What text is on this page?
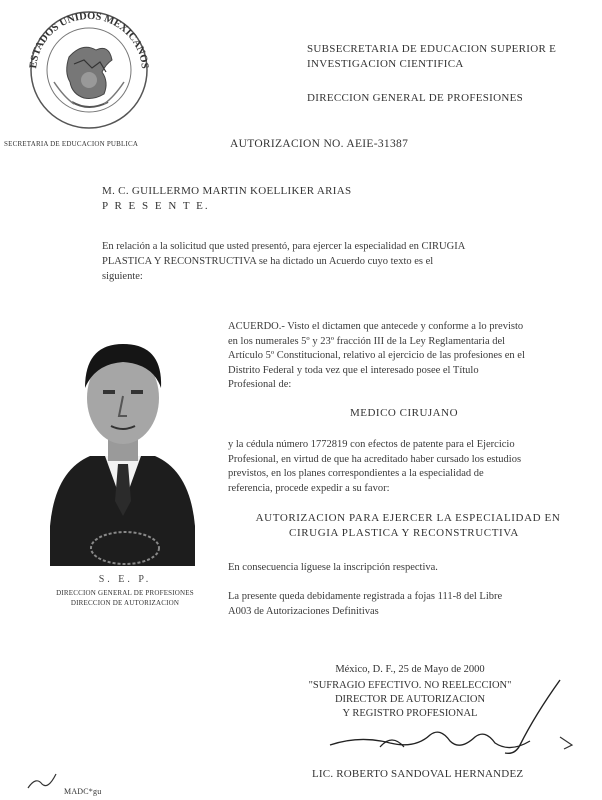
ESTADOS UNIDOS MEXICANOS
SECRETARIA DE EDUCACION PUBLICA
SUBSECRETARIA DE EDUCACION SUPERIOR E
INVESTIGACION CIENTIFICA
DIRECCION GENERAL DE PROFESIONES
AUTORIZACION NO. AEIE-31387
M. C. GUILLERMO MARTIN KOELLIKER ARIAS
P R E S E N T E.
En relación a la solicitud que usted presentó, para ejercer la especialidad en CIRUGIA
PLASTICA Y RECONSTRUCTIVA se ha dictado un Acuerdo cuyo texto es el
siguiente:
S. E. P.
DIRECCION GENERAL DE PROFESIONES
DIRECCION DE AUTORIZACION
ACUERDO.- Visto el dictamen que antecede y conforme a lo previsto
en los numerales 5º y 23º fracción III de la Ley Reglamentaria del
Artículo 5º Constitucional, relativo al ejercicio de las profesiones en el
Distrito Federal y toda vez que el interesado posee el Título
Profesional de:
MEDICO CIRUJANO
y la cédula número 1772819 con efectos de patente para el Ejercicio
Profesional, en virtud de que ha acreditado haber cursado los estudios
previstos, en los planes correspondientes a la especialidad de
referencia, procede expedir a su favor:
AUTORIZACION PARA EJERCER LA ESPECIALIDAD EN
CIRUGIA PLASTICA Y RECONSTRUCTIVA
En consecuencia líguese la inscripción respectiva.
La presente queda debidamente registrada a fojas 111-8 del Libre
A003 de Autorizaciones Definitivas
México, D. F., 25 de Mayo de 2000
"SUFRAGIO EFECTIVO. NO REELECCION"
DIRECTOR DE AUTORIZACION
Y REGISTRO PROFESIONAL
LIC. ROBERTO SANDOVAL HERNANDEZ
MADC*gu
